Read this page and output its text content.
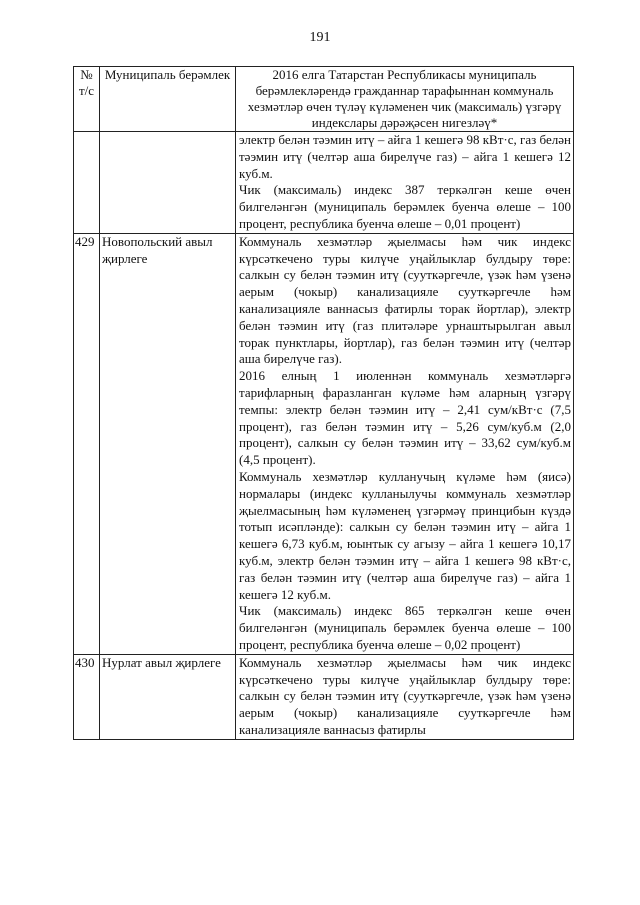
191
№ т/с	Муниципаль берәмлек	2016 елга Татарстан Республикасы муниципаль берәмлекләрендә гражданнар тарафыннан коммуналь хезмәтләр өчен түләү күләменен чик (максималь) үзгәрү индекслары дәрәҗәсен нигезләү*

		электр белән тәэмин итү – айга 1 кешегә 98 кВт·с, газ белән тәэмин итү (челтәр аша бирелүче газ) – айга 1 кешегә 12 куб.м.
Чик (максималь) индекс 387 теркәлгән кеше өчен билгеләнгән (муниципаль берәмлек буенча өлеше – 100 процент, республика буенча өлеше – 0,01 процент)

429	Новопольский авыл җирлеге	Коммуналь хезмәтләр җыелмасы һәм чик индекс күрсәткечено туры килүче уңайлыклар булдыру төре: салкын су белән тәэмин итү (сууткәргечле, үзәк һәм үзенә аерым (чокыр) канализацияле сууткәргечле һәм канализацияле ваннасыз фатирлы торак йортлар), электр белән тәэмин итү (газ плитәләре урнаштырылган авыл торак пунктлары, йортлар), газ белән тәэмин итү (челтәр аша бирелүче газ).
2016 елның 1 июленнән коммуналь хезмәтләргә тарифларның фаразланган күләме һәм аларның үзгәрү темпы: электр белән тәэмин итү – 2,41 сум/кВт·с (7,5 процент), газ белән тәэмин итү – 5,26 сум/куб.м (2,0 процент), салкын су белән тәэмин итү – 33,62 сум/куб.м (4,5 процент).
Коммуналь хезмәтләр кулланучың күләме һәм (яисә) нормалары (индекс кулланылучы коммуналь хезмәтләр җыелмасының һәм күләменең үзгәрмәү принцибын күздә тотып исәпләнде): салкын су белән тәэмин итү – айга 1 кешегә 6,73 куб.м, юынтык су агызу – айга 1 кешегә 10,17 куб.м, электр белән тәэмин итү – айга 1 кешегә 98 кВт·с, газ белән тәэмин итү (челтәр аша бирелүче газ) – айга 1 кешегә 12 куб.м.
Чик (максималь) индекс 865 теркәлгән кеше өчен билгеләнгән (муниципаль берәмлек буенча өлеше – 100 процент, республика буенча өлеше – 0,02 процент)

430	Нурлат авыл җирлеге	Коммуналь хезмәтләр җыелмасы һәм чик индекс күрсәткечено туры килүче уңайлыклар булдыру төре: салкын су белән тәэмин итү (сууткәргечле, үзәк һәм үзенә аерым (чокыр) канализацияле сууткәргечле һәм канализацияле ваннасыз фатирлы
